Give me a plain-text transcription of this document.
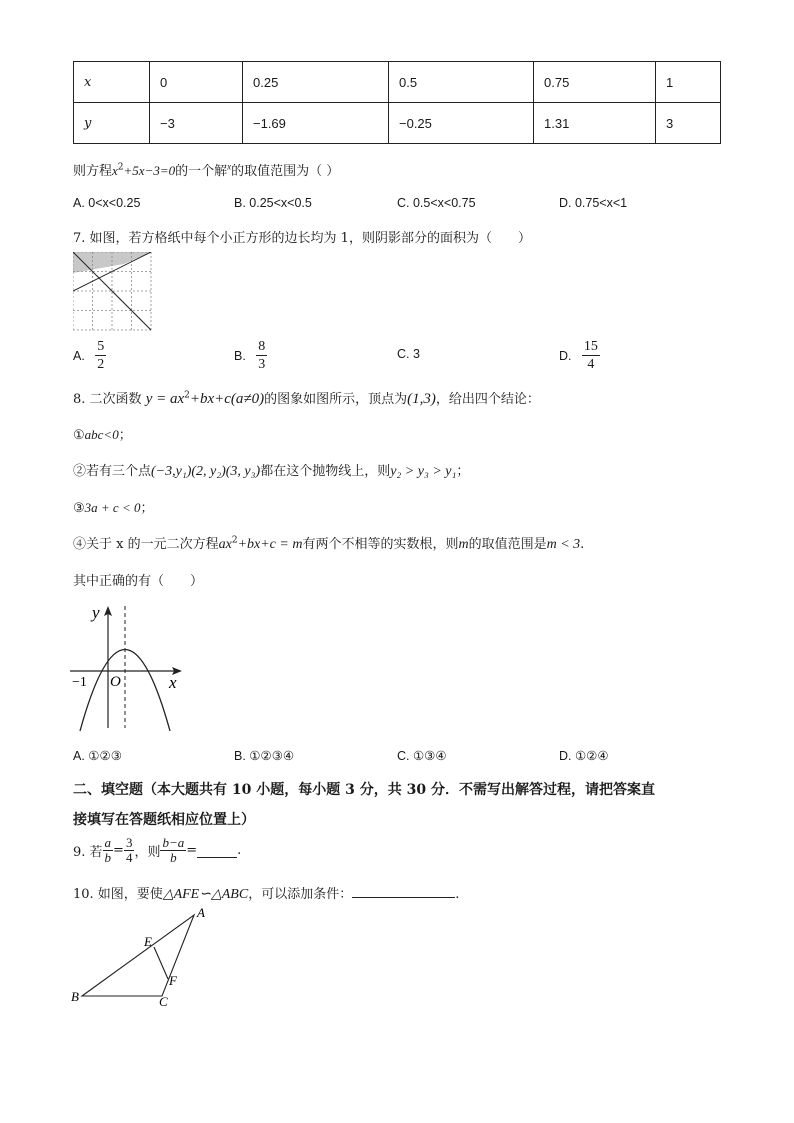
x	0	0.25	0.5	0.75	1
y	−3	−1.69	−0.25	1.31	3
则方程$x^2+5x-3=0$的一个解$^x$的取值范围为（ ）
A. 0<x<0.25	B. 0.25<x<0.5	C. 0.5<x<0.75	D. 0.75<x<1
7. 如图，若方格纸中每个小正方形的边长均为 1，则阴影部分的面积为（　　）
A.
$\frac{5}{2}$	B.
$\frac{8}{3}$	C. 3	D.
$\frac{15}{4}$
8. 二次函数 $y = ax^2+bx+c(a\ne 0)$的图象如图所示，顶点为(1,3)，给出四个结论：
①abc<0；
②若有三个点(−3,y₁)(2, y₂)(3, y₃)都在这个抛物线上，则y₂ > y₃ > y₁；
③3a + c < 0；
④关于 x 的一元二次方程$ax^2+bx+c = m$有两个不相等的实数根，则m的取值范围是m < 3.
其中正确的有（　　）
y
x
O
−1
A. ①②③	B. ①②③④	C. ①③④	D. ①②④
二、填空题（本大题共有 10 小题，每小题 3 分，共 30 分．不需写出解答过程，请把答案直
接填写在答题纸相应位置上）
9. 若 $\frac{a}{b} = \frac{3}{4}$ ，则 $\frac{b-a}{b}$ =	.
10. 如图，要使△AFE∽△ABC，可以添加条件：	.
A
B	C
E
F
